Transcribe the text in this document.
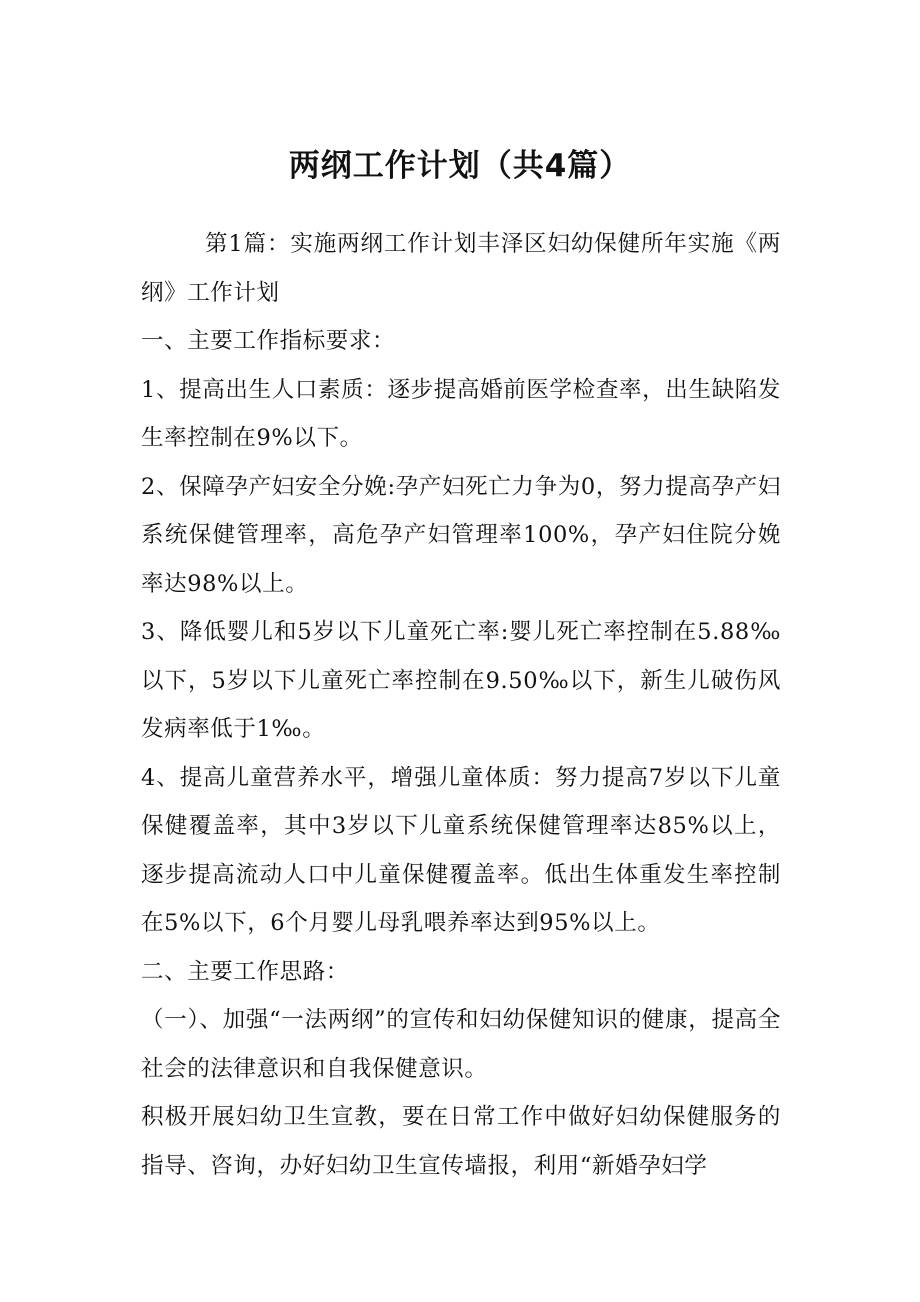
两纲工作计划（共4篇）

第1篇：实施两纲工作计划丰泽区妇幼保健所年实施《两纲》工作计划

一、主要工作指标要求：

1、提高出生人口素质：逐步提高婚前医学检查率，出生缺陷发生率控制在9%以下。

2、保障孕产妇安全分娩:孕产妇死亡力争为0，努力提高孕产妇系统保健管理率，高危孕产妇管理率100%，孕产妇住院分娩率达98%以上。

3、降低婴儿和5岁以下儿童死亡率:婴儿死亡率控制在5.88‰以下，5岁以下儿童死亡率控制在9.50‰以下，新生儿破伤风发病率低于1‰。

4、提高儿童营养水平，增强儿童体质：努力提高7岁以下儿童保健覆盖率，其中3岁以下儿童系统保健管理率达85%以上，逐步提高流动人口中儿童保健覆盖率。低出生体重发生率控制在5%以下，6个月婴儿母乳喂养率达到95%以上。

二、主要工作思路：

（一）、加强“一法两纲”的宣传和妇幼保健知识的健康，提高全社会的法律意识和自我保健意识。

积极开展妇幼卫生宣教，要在日常工作中做好妇幼保健服务的指导、咨询，办好妇幼卫生宣传墙报，利用“新婚孕妇学
